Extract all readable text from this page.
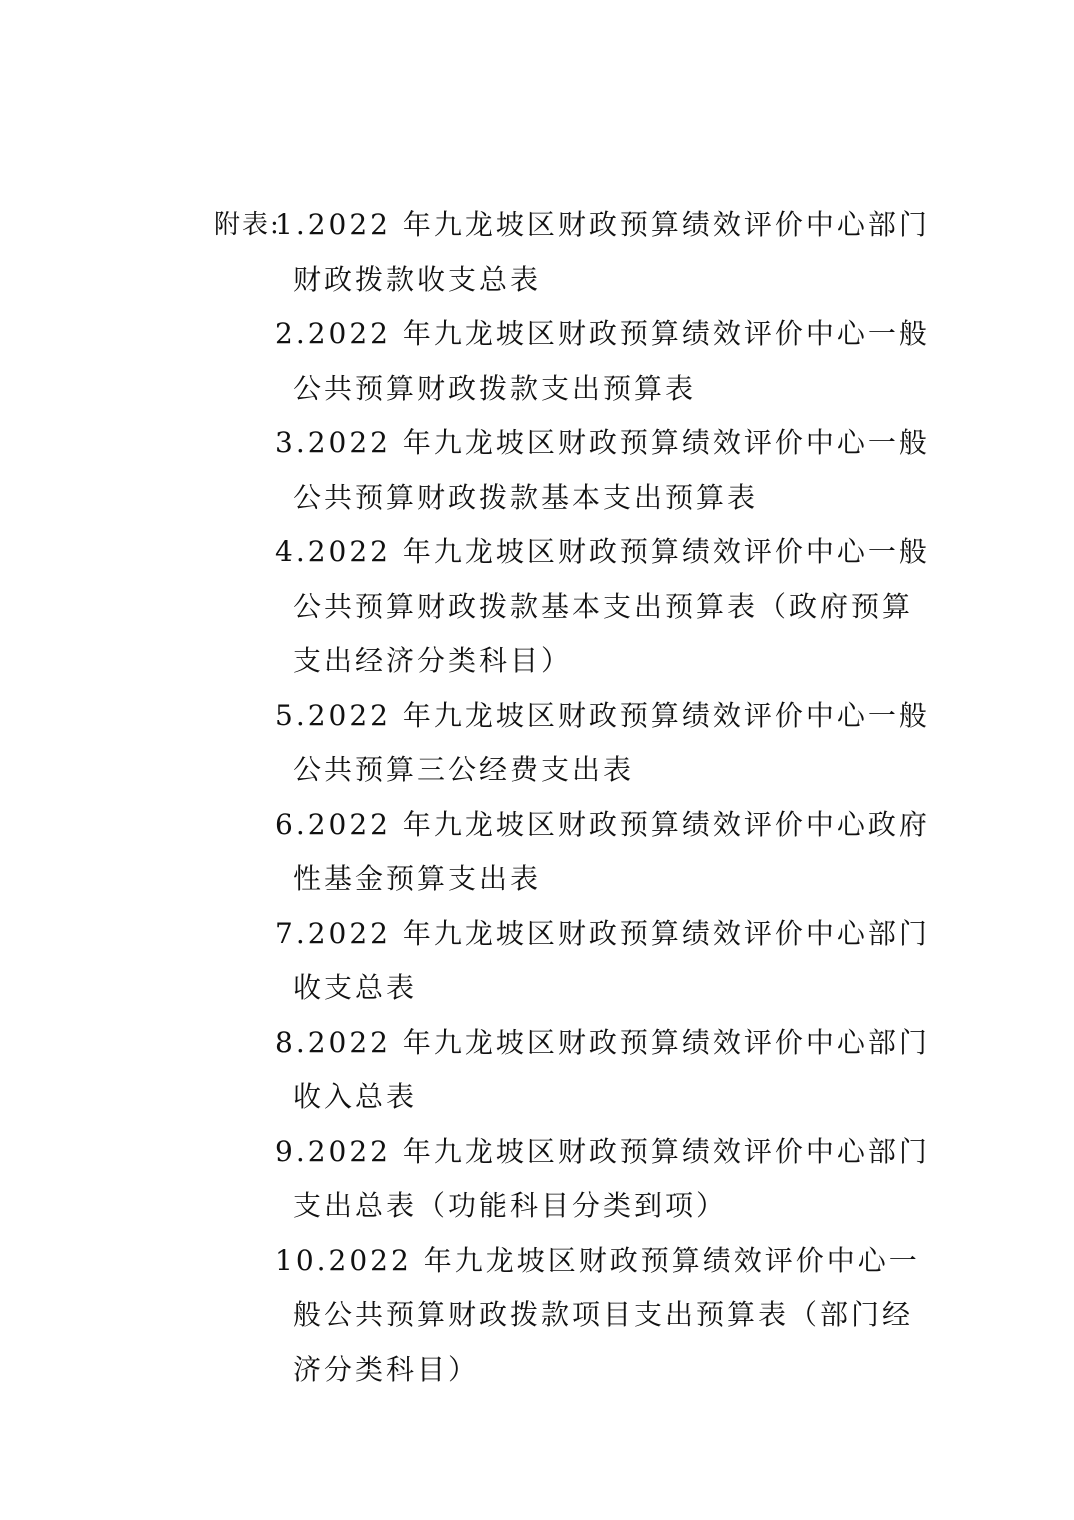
附表:
1.2022 年九龙坡区财政预算绩效评价中心部门财政拨款收支总表
2.2022 年九龙坡区财政预算绩效评价中心一般公共预算财政拨款支出预算表
3.2022 年九龙坡区财政预算绩效评价中心一般公共预算财政拨款基本支出预算表
4.2022 年九龙坡区财政预算绩效评价中心一般公共预算财政拨款基本支出预算表（政府预算支出经济分类科目）
5.2022 年九龙坡区财政预算绩效评价中心一般公共预算三公经费支出表
6.2022 年九龙坡区财政预算绩效评价中心政府性基金预算支出表
7.2022 年九龙坡区财政预算绩效评价中心部门收支总表
8.2022 年九龙坡区财政预算绩效评价中心部门收入总表
9.2022 年九龙坡区财政预算绩效评价中心部门支出总表（功能科目分类到项）
10.2022 年九龙坡区财政预算绩效评价中心一般公共预算财政拨款项目支出预算表（部门经济分类科目）
